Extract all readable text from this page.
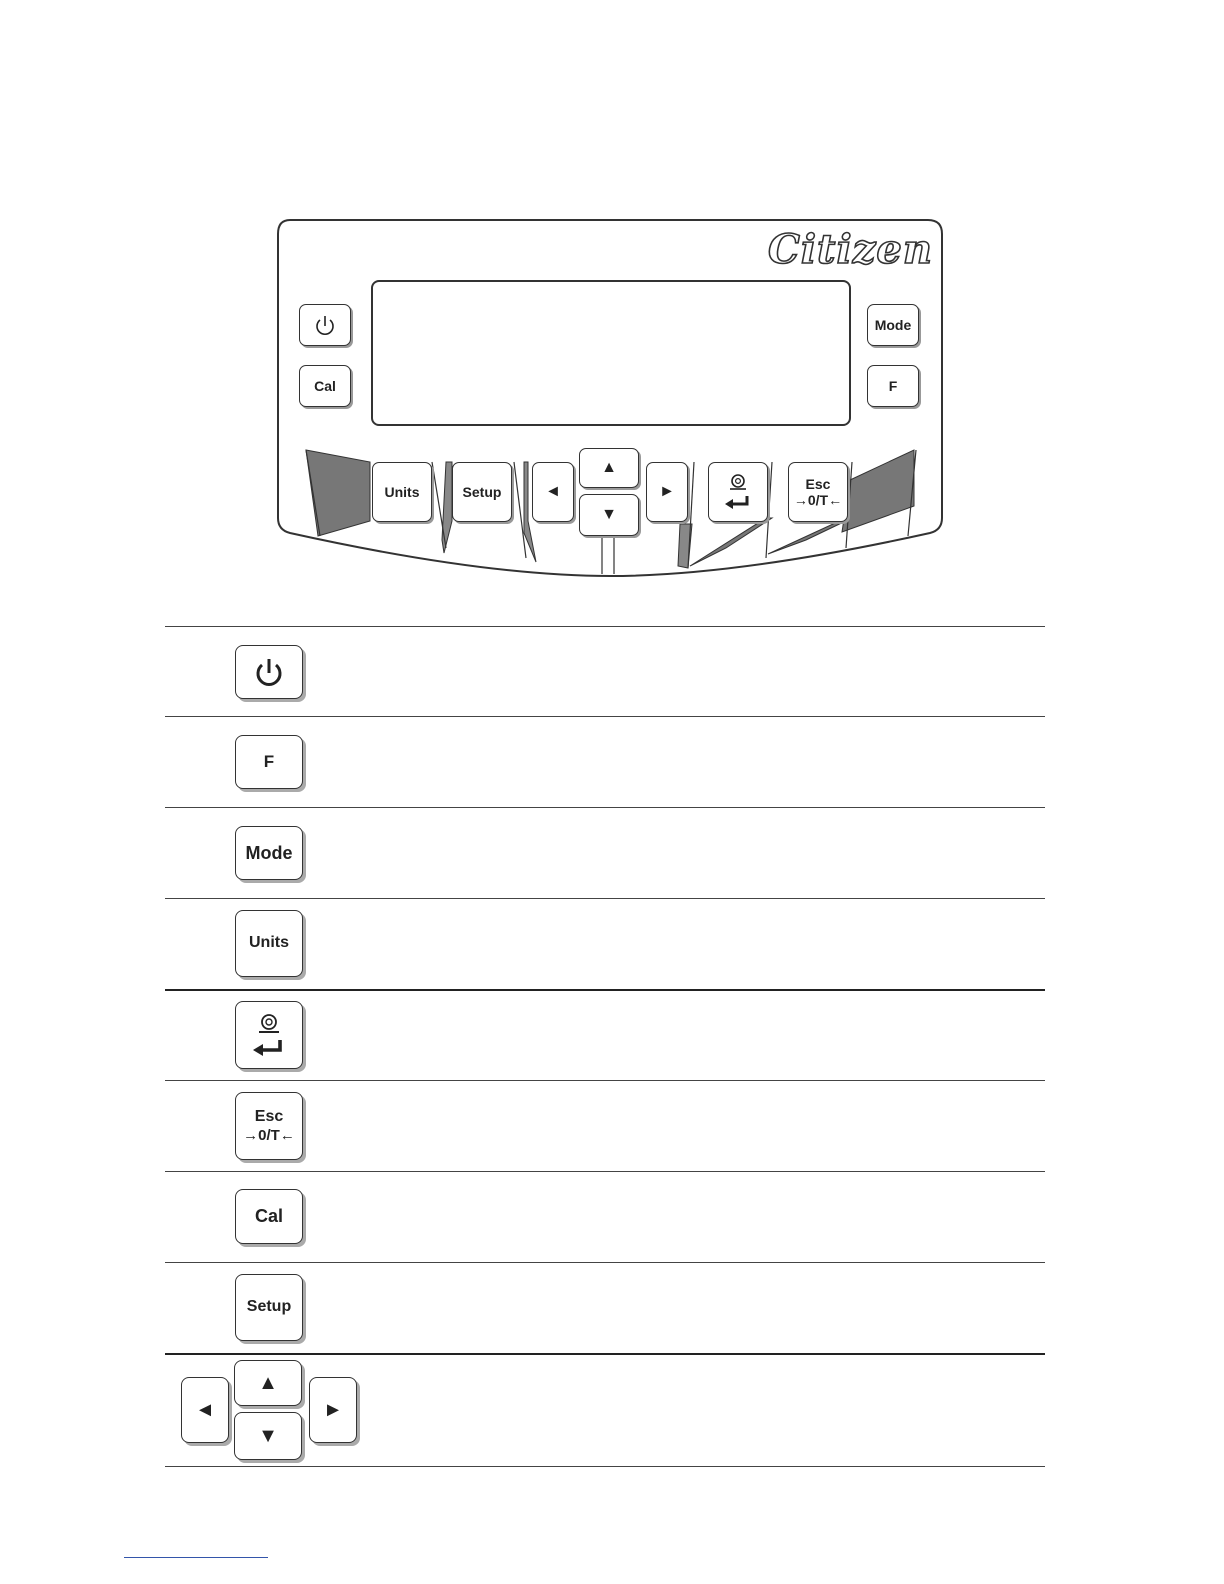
Citizen
Cal
Mode
F
Units	Setup	◄
▲
▼
►	Esc
→0/T←
F
Mode
Units
Esc
→0/T←
Cal
Setup
◄
▲
▼
►
